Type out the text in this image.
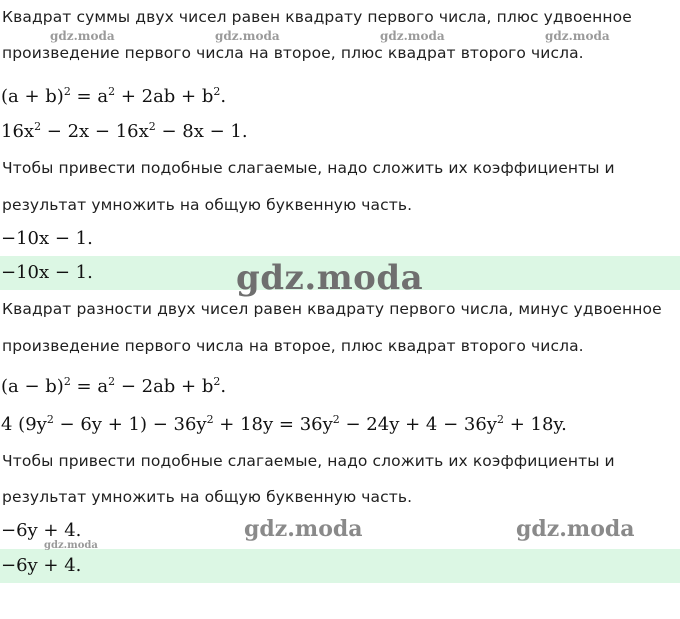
Квадрат суммы двух чисел равен квадрату первого числа, плюс удвоенное
произведение первого числа на второе, плюс квадрат второго числа.
$(a + b)^2 = a^2 + 2ab + b^2$.
$16x^2 - 2x - 16x^2 - 8x - 1$.
Чтобы привести подобные слагаемые, надо сложить их коэффициенты и
результат умножить на общую буквенную часть.
−10x − 1.
−10x − 1.
Квадрат разности двух чисел равен квадрату первого числа, минус удвоенное
произведение первого числа на второе, плюс квадрат второго числа.
$(a - b)^2 = a^2 - 2ab + b^2$.
4 $(9y^2 - 6y + 1) - 36y^2 + 18y = 36y^2 - 24y + 4 - 36y^2 + 18y$.
Чтобы привести подобные слагаемые, надо сложить их коэффициенты и
результат умножить на общую буквенную часть.
−6y + 4.
−6y + 4.
gdz.moda	gdz.moda	gdz.moda	gdz.moda
gdz.moda
gdz.moda	gdz.moda
gdz.moda
